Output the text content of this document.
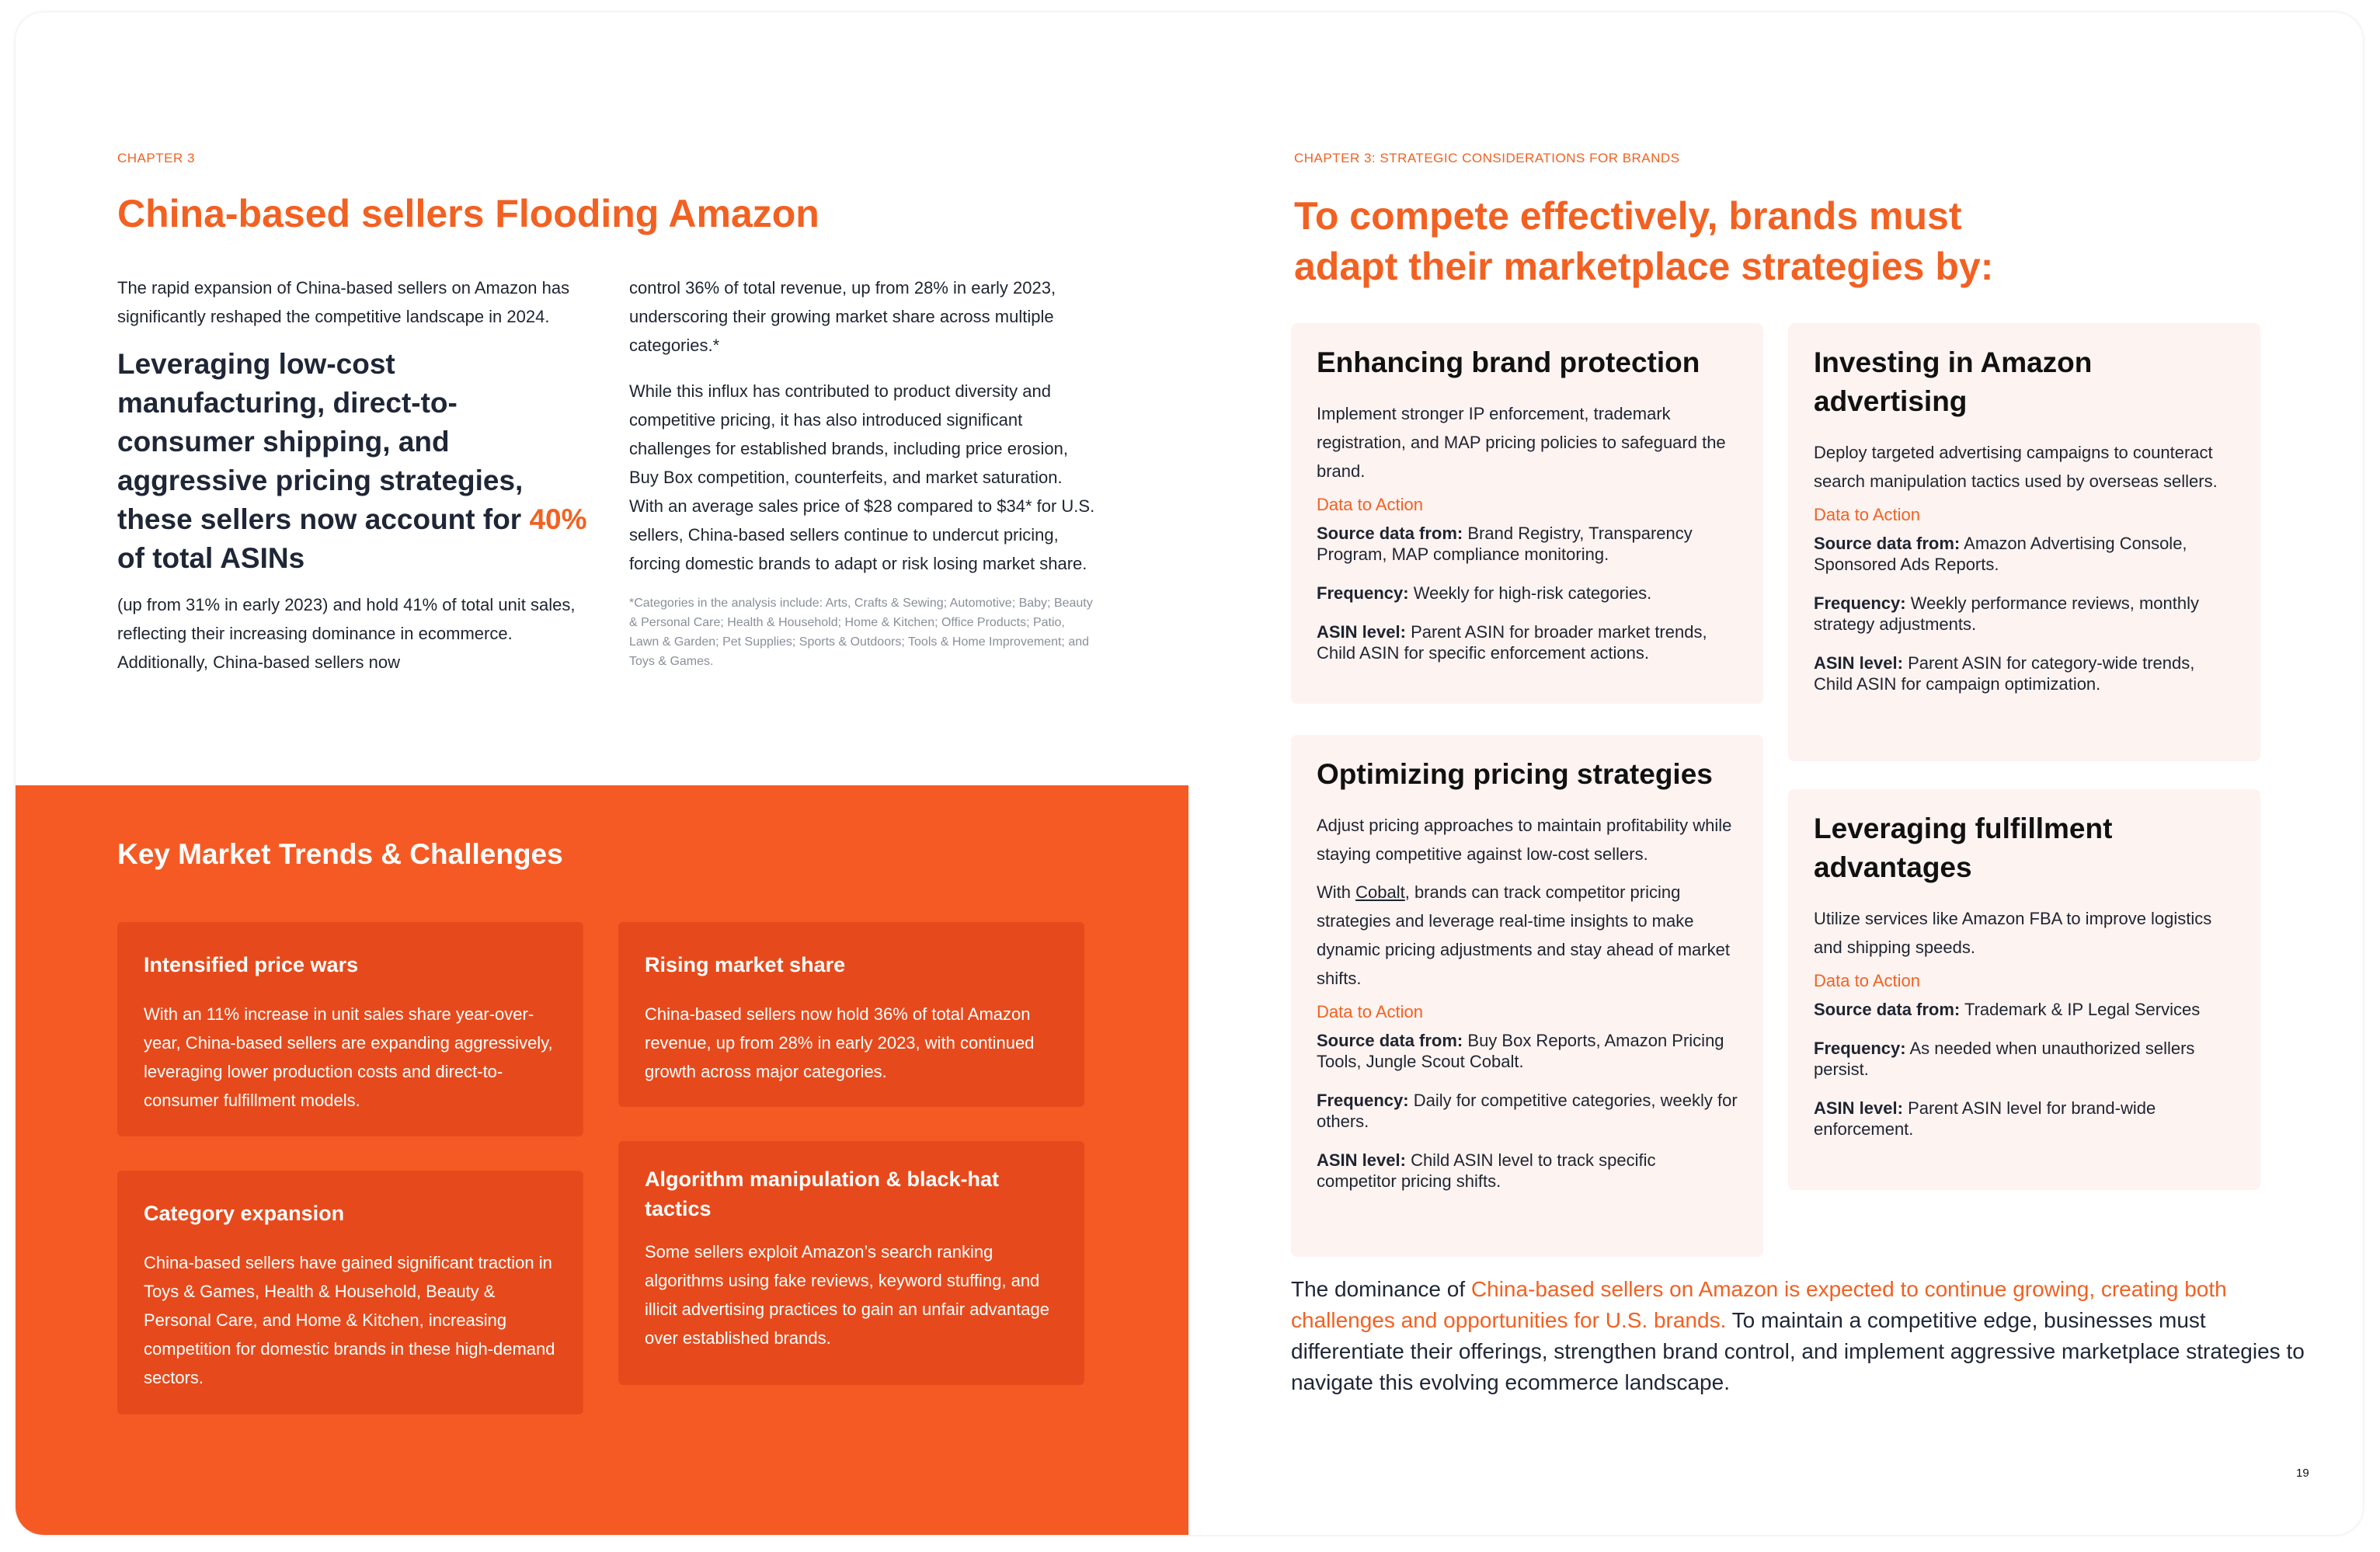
CHAPTER 3
China-based sellers Flooding Amazon
The rapid expansion of China-based sellers on Amazon has significantly reshaped the competitive landscape in 2024.
Leveraging low-cost manufacturing, direct-to-consumer shipping, and aggressive pricing strategies, these sellers now account for 40% of total ASINs
(up from 31% in early 2023) and hold 41% of total unit sales, reflecting their increasing dominance in ecommerce. Additionally, China-based sellers now
control 36% of total revenue, up from 28% in early 2023, underscoring their growing market share across multiple categories.*
While this influx has contributed to product diversity and competitive pricing, it has also introduced significant challenges for established brands, including price erosion, Buy Box competition, counterfeits, and market saturation. With an average sales price of $28 compared to $34* for U.S. sellers, China-based sellers continue to undercut pricing, forcing domestic brands to adapt or risk losing market share.
*Categories in the analysis include: Arts, Crafts & Sewing; Automotive; Baby; Beauty & Personal Care; Health & Household; Home & Kitchen; Office Products; Patio, Lawn & Garden; Pet Supplies; Sports & Outdoors; Tools & Home Improvement; and Toys & Games.
Key Market Trends & Challenges
Intensified price wars

With an 11% increase in unit sales share year-over-year, China-based sellers are expanding aggressively, leveraging lower production costs and direct-to-consumer fulfillment models.

Rising market share

China-based sellers now hold 36% of total Amazon revenue, up from 28% in early 2023, with continued growth across major categories.

Category expansion

China-based sellers have gained significant traction in Toys & Games, Health & Household, Beauty & Personal Care, and Home & Kitchen, increasing competition for domestic brands in these high-demand sectors.

Algorithm manipulation & black-hat tactics

Some sellers exploit Amazon’s search ranking algorithms using fake reviews, keyword stuffing, and illicit advertising practices to gain an unfair advantage over established brands.

CHAPTER 3: STRATEGIC CONSIDERATIONS FOR BRANDS
To compete effectively, brands must adapt their marketplace strategies by:
Enhancing brand protection

Implement stronger IP enforcement, trademark registration, and MAP pricing policies to safeguard the brand.

Data to Action
Source data from: Brand Registry, Transparency Program, MAP compliance monitoring.
Frequency: Weekly for high-risk categories.
ASIN level: Parent ASIN for broader market trends, Child ASIN for specific enforcement actions.
Investing in Amazon advertising

Deploy targeted advertising campaigns to counteract search manipulation tactics used by overseas sellers.

Data to Action
Source data from: Amazon Advertising Console, Sponsored Ads Reports.
Frequency: Weekly performance reviews, monthly strategy adjustments.
ASIN level: Parent ASIN for category-wide trends, Child ASIN for campaign optimization.
Optimizing pricing strategies

Adjust pricing approaches to maintain profitability while staying competitive against low-cost sellers.

With Cobalt, brands can track competitor pricing strategies and leverage real-time insights to make dynamic pricing adjustments and stay ahead of market shifts.

Data to Action
Source data from: Buy Box Reports, Amazon Pricing Tools, Jungle Scout Cobalt.
Frequency: Daily for competitive categories, weekly for others.
ASIN level: Child ASIN level to track specific competitor pricing shifts.
Leveraging fulfillment advantages

Utilize services like Amazon FBA to improve logistics and shipping speeds.

Data to Action
Source data from: Trademark & IP Legal Services
Frequency: As needed when unauthorized sellers persist.
ASIN level: Parent ASIN level for brand-wide enforcement.
The dominance of China-based sellers on Amazon is expected to continue growing, creating both challenges and opportunities for U.S. brands. To maintain a competitive edge, businesses must differentiate their offerings, strengthen brand control, and implement aggressive marketplace strategies to navigate this evolving ecommerce landscape.
19
